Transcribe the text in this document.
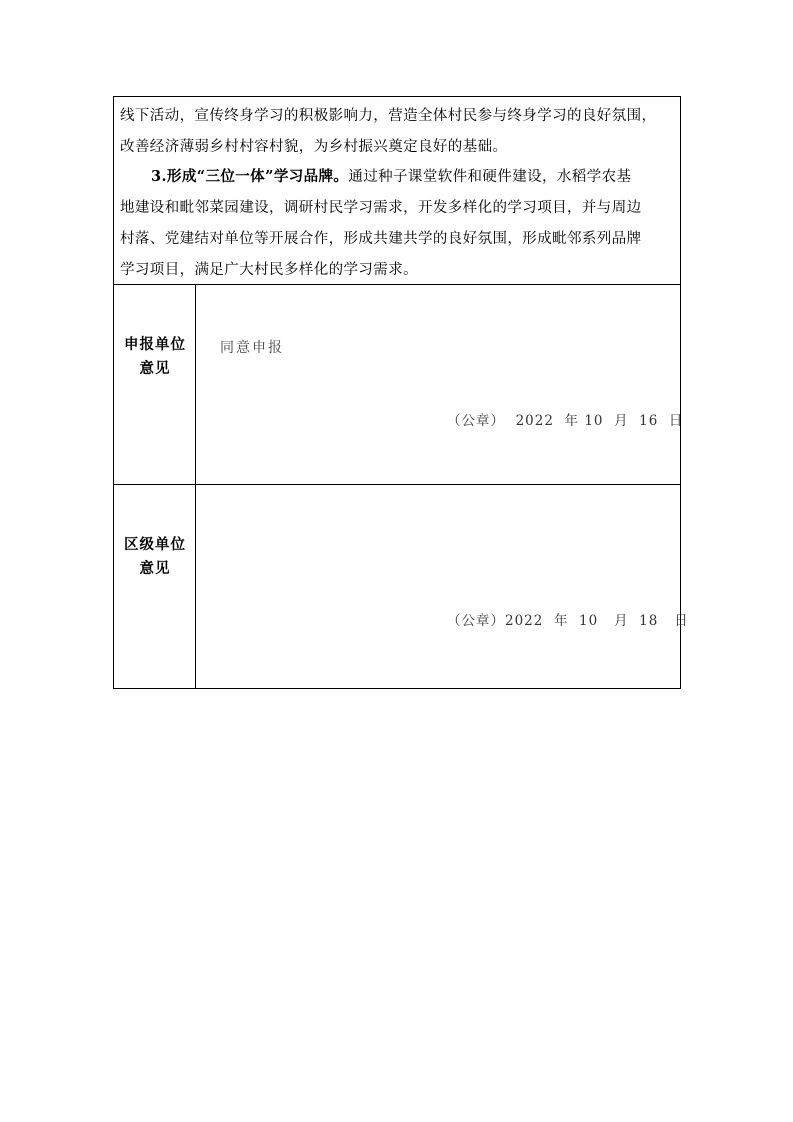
线下活动，宣传终身学习的积极影响力，营造全体村民参与终身学习的良好氛围，
改善经济薄弱乡村村容村貌，为乡村振兴奠定良好的基础。
3.形成“三位一体”学习品牌。通过种子课堂软件和硬件建设，水稻学农基
地建设和毗邻菜园建设，调研村民学习需求，开发多样化的学习项目，并与周边
村落、党建结对单位等开展合作，形成共建共学的良好氛围，形成毗邻系列品牌
学习项目，满足广大村民多样化的学习需求。
申报单位
意见
同意申报
（公章）  2022  年 10  月  16  日
区级单位
意见
（公章）2022  年  10   月  18   日
